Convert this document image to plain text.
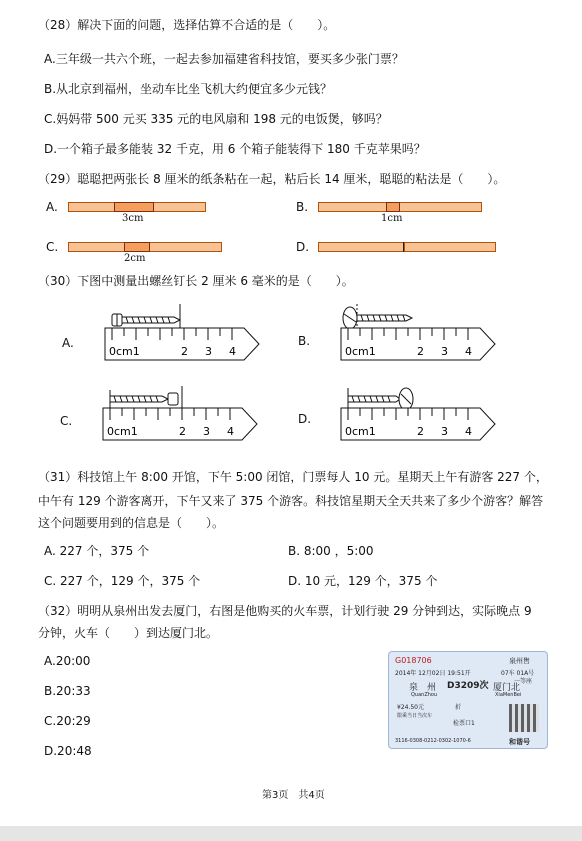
（28）解决下面的问题，选择估算不合适的是（　　）。
A.三年级一共六个班，一起去参加福建省科技馆，要买多少张门票？
B.从北京到福州，坐动车比坐飞机大约便宜多少元钱？
C.妈妈带 500 元买 335 元的电风扇和 198 元的电饭煲，够吗？
D.一个箱子最多能装 32 千克，用 6 个箱子能装得下 180 千克苹果吗？
（29）聪聪把两张长 8 厘米的纸条粘在一起，粘后长 14 厘米，聪聪的粘法是（　　）。
A.
3cm
B.
1cm
C.
2cm
D.
（30）下图中测量出螺丝钉长 2 厘米 6 毫米的是（　　）。
A.
0cm1	2 3 4
B.
0cm1	2 3 4
C.
0cm1	2 3 4
D.
0cm1	2 3 4
（31）科技馆上午 8:00 开馆，下午 5:00 闭馆，门票每人 10 元。星期天上午有游客 227 个，
中午有 129 个游客离开，下午又来了 375 个游客。科技馆星期天全天共来了多少个游客？解答
这个问题要用到的信息是（　　）。
A. 227 个，375 个	B. 8:00 ，5:00
C. 227 个，129 个，375 个	D. 10 元，129 个，375 个
（32）明明从泉州出发去厦门，右图是他购买的火车票，计划行驶 29 分钟到达，实际晚点 9
分钟，火车（　　）到达厦门北。
A.20:00
B.20:33
C.20:29
D.20:48
G018706	泉州售
2014年 12月02日 19:51开	07车 01A号
一等座
泉　州 D3209次 厦门北
QuanZhou	XiaMenBei
¥24.50元	折
限乘当日当次车
检票口1
3116-0308-0212-0302-1070-6	和谐号
第3页　共4页
